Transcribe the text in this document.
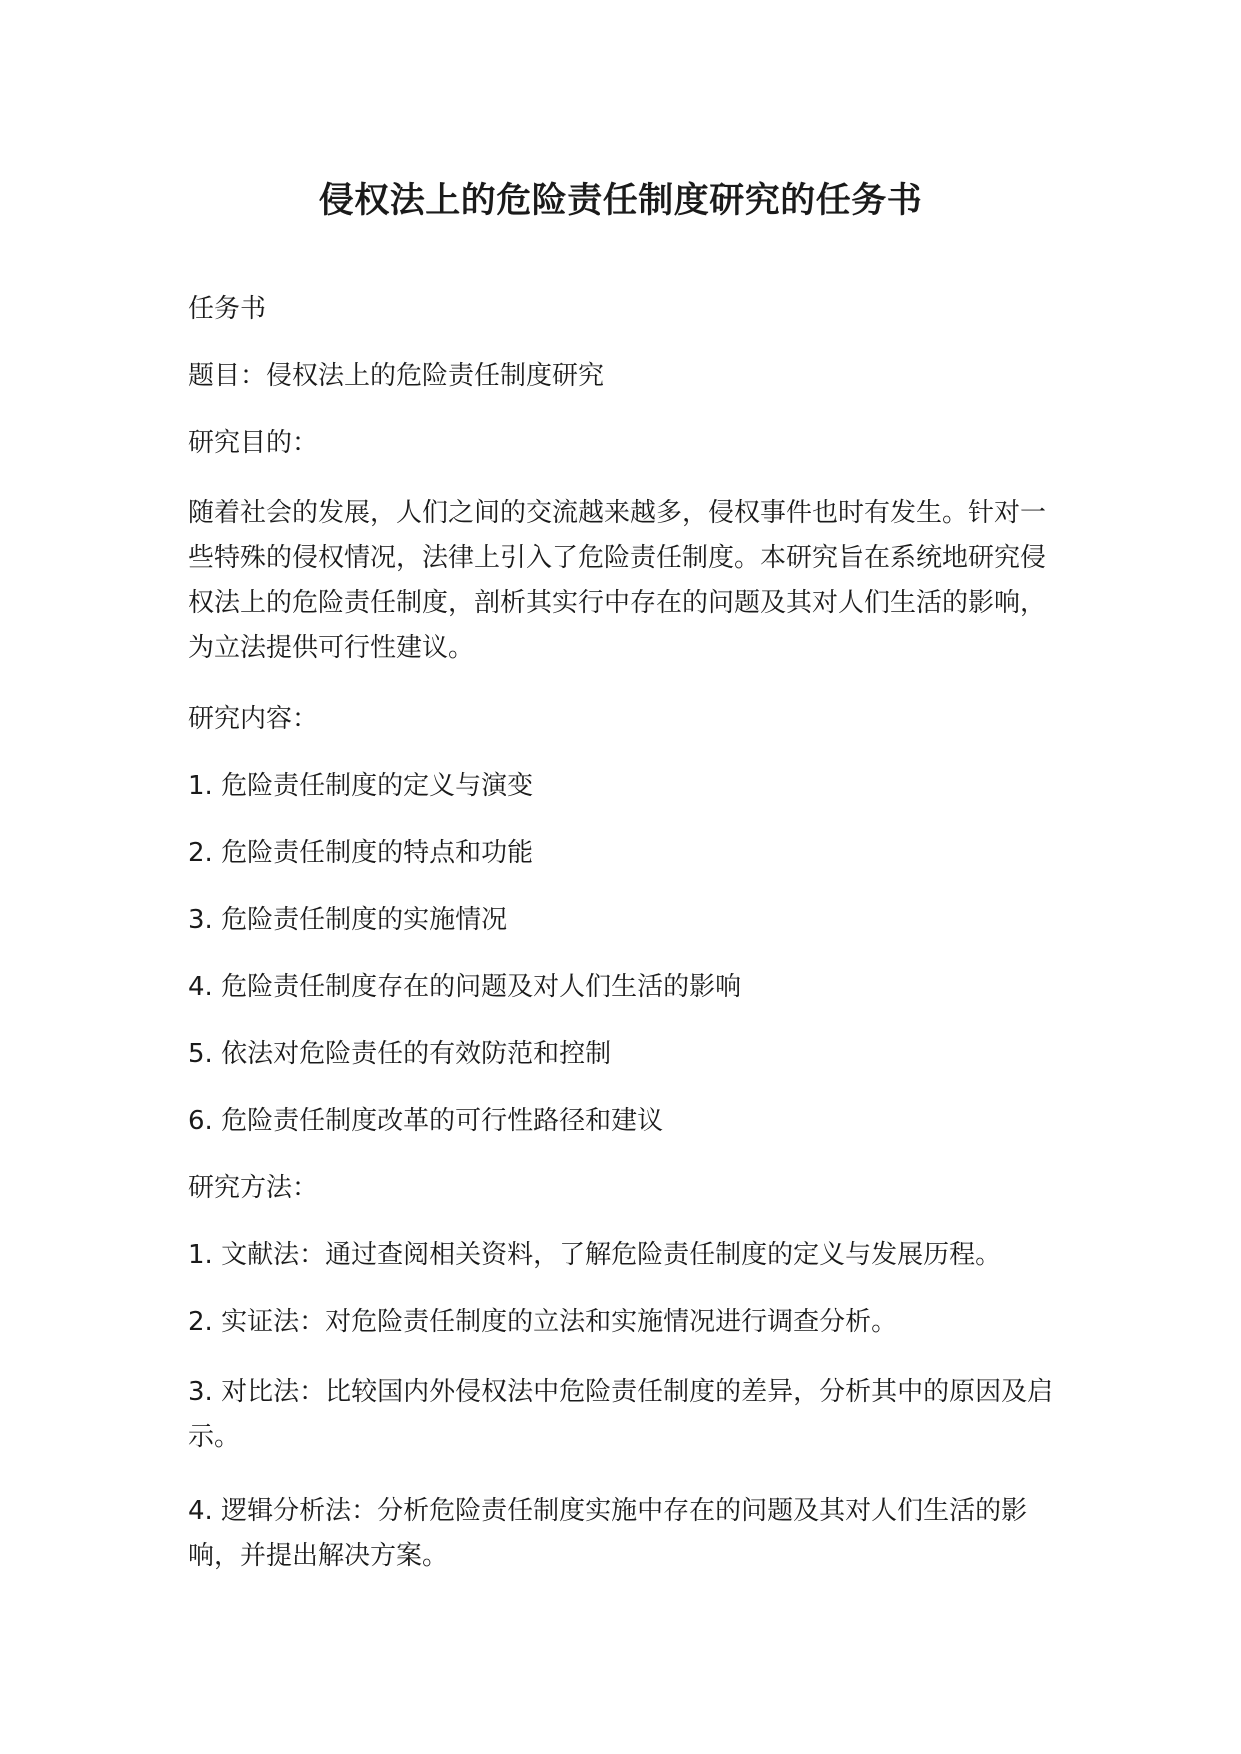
侵权法上的危险责任制度研究的任务书

任务书

题目：侵权法上的危险责任制度研究

研究目的：

随着社会的发展，人们之间的交流越来越多，侵权事件也时有发生。针对一些特殊的侵权情况，法律上引入了危险责任制度。本研究旨在系统地研究侵权法上的危险责任制度，剖析其实行中存在的问题及其对人们生活的影响，为立法提供可行性建议。

研究内容：

1. 危险责任制度的定义与演变

2. 危险责任制度的特点和功能

3. 危险责任制度的实施情况

4. 危险责任制度存在的问题及对人们生活的影响

5. 依法对危险责任的有效防范和控制

6. 危险责任制度改革的可行性路径和建议

研究方法：

1. 文献法：通过查阅相关资料，了解危险责任制度的定义与发展历程。

2. 实证法：对危险责任制度的立法和实施情况进行调查分析。

3. 对比法：比较国内外侵权法中危险责任制度的差异，分析其中的原因及启示。

4. 逻辑分析法：分析危险责任制度实施中存在的问题及其对人们生活的影响，并提出解决方案。
